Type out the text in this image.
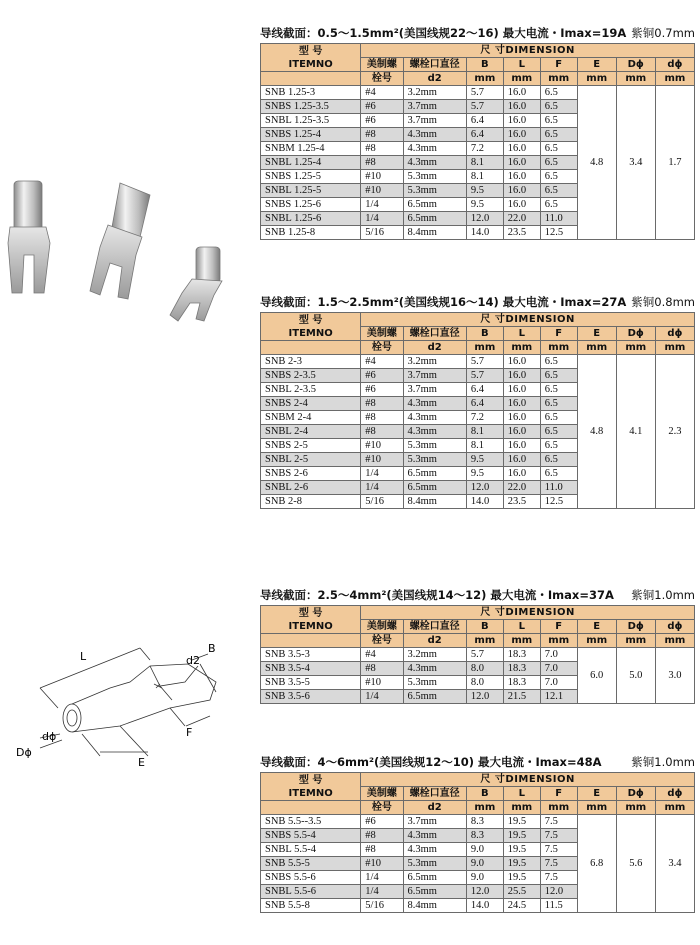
L
B
d2
F
E
dϕ
Dϕ
导线截面：0.5～1.5mm²(美国线规22～16) 最大电流・Imax=19A 紫铜0.7mm
型 号
ITEMNO	尺 寸DIMENSION							
	美制螺	螺栓口直径	B	L	F	E	Dϕ	dϕ
	栓号	d2	mm	mm	mm	mm	mm	mm
SNB 1.25-3	#4	3.2mm	5.7	16.0	6.5	4.8	3.4	1.7
SNBS 1.25-3.5	#6	3.7mm	5.7	16.0	6.5			
SNBL 1.25-3.5	#6	3.7mm	6.4	16.0	6.5			
SNBS 1.25-4	#8	4.3mm	6.4	16.0	6.5			
SNBM 1.25-4	#8	4.3mm	7.2	16.0	6.5			
SNBL 1.25-4	#8	4.3mm	8.1	16.0	6.5			
SNBS 1.25-5	#10	5.3mm	8.1	16.0	6.5			
SNBL 1.25-5	#10	5.3mm	9.5	16.0	6.5			
SNBS 1.25-6	1/4	6.5mm	9.5	16.0	6.5			
SNBL 1.25-6	1/4	6.5mm	12.0	22.0	11.0			
SNB 1.25-8	5/16	8.4mm	14.0	23.5	12.5			
导线截面：1.5～2.5mm²(美国线规16～14) 最大电流・Imax=27A 紫铜0.8mm
型 号
ITEMNO	尺 寸DIMENSION							
	美制螺	螺栓口直径	B	L	F	E	Dϕ	dϕ
	栓号	d2	mm	mm	mm	mm	mm	mm
SNB 2-3	#4	3.2mm	5.7	16.0	6.5	4.8	4.1	2.3
SNBS 2-3.5	#6	3.7mm	5.7	16.0	6.5			
SNBL 2-3.5	#6	3.7mm	6.4	16.0	6.5			
SNBS 2-4	#8	4.3mm	6.4	16.0	6.5			
SNBM 2-4	#8	4.3mm	7.2	16.0	6.5			
SNBL 2-4	#8	4.3mm	8.1	16.0	6.5			
SNBS 2-5	#10	5.3mm	8.1	16.0	6.5			
SNBL 2-5	#10	5.3mm	9.5	16.0	6.5			
SNBS 2-6	1/4	6.5mm	9.5	16.0	6.5			
SNBL 2-6	1/4	6.5mm	12.0	22.0	11.0			
SNB 2-8	5/16	8.4mm	14.0	23.5	12.5			
导线截面：2.5～4mm²(美国线规14～12) 最大电流・Imax=37A 紫铜1.0mm
型 号
ITEMNO	尺 寸DIMENSION							
	美制螺	螺栓口直径	B	L	F	E	Dϕ	dϕ
	栓号	d2	mm	mm	mm	mm	mm	mm
SNB 3.5-3	#4	3.2mm	5.7	18.3	7.0	6.0	5.0	3.0
SNB 3.5-4	#8	4.3mm	8.0	18.3	7.0			
SNB 3.5-5	#10	5.3mm	8.0	18.3	7.0			
SNB 3.5-6	1/4	6.5mm	12.0	21.5	12.1			
导线截面：4～6mm²(美国线规12～10) 最大电流・Imax=48A	紫铜1.0mm
型 号
ITEMNO	尺 寸DIMENSION							
	美制螺	螺栓口直径	B	L	F	E	Dϕ	dϕ
	栓号	d2	mm	mm	mm	mm	mm	mm
SNB 5.5--3.5	#6	3.7mm	8.3	19.5	7.5	6.8	5.6	3.4
SNBS 5.5-4	#8	4.3mm	8.3	19.5	7.5			
SNBL 5.5-4	#8	4.3mm	9.0	19.5	7.5			
SNB 5.5-5	#10	5.3mm	9.0	19.5	7.5			
SNBS 5.5-6	1/4	6.5mm	9.0	19.5	7.5			
SNBL 5.5-6	1/4	6.5mm	12.0	25.5	12.0			
SNB 5.5-8	5/16	8.4mm	14.0	24.5	11.5			
